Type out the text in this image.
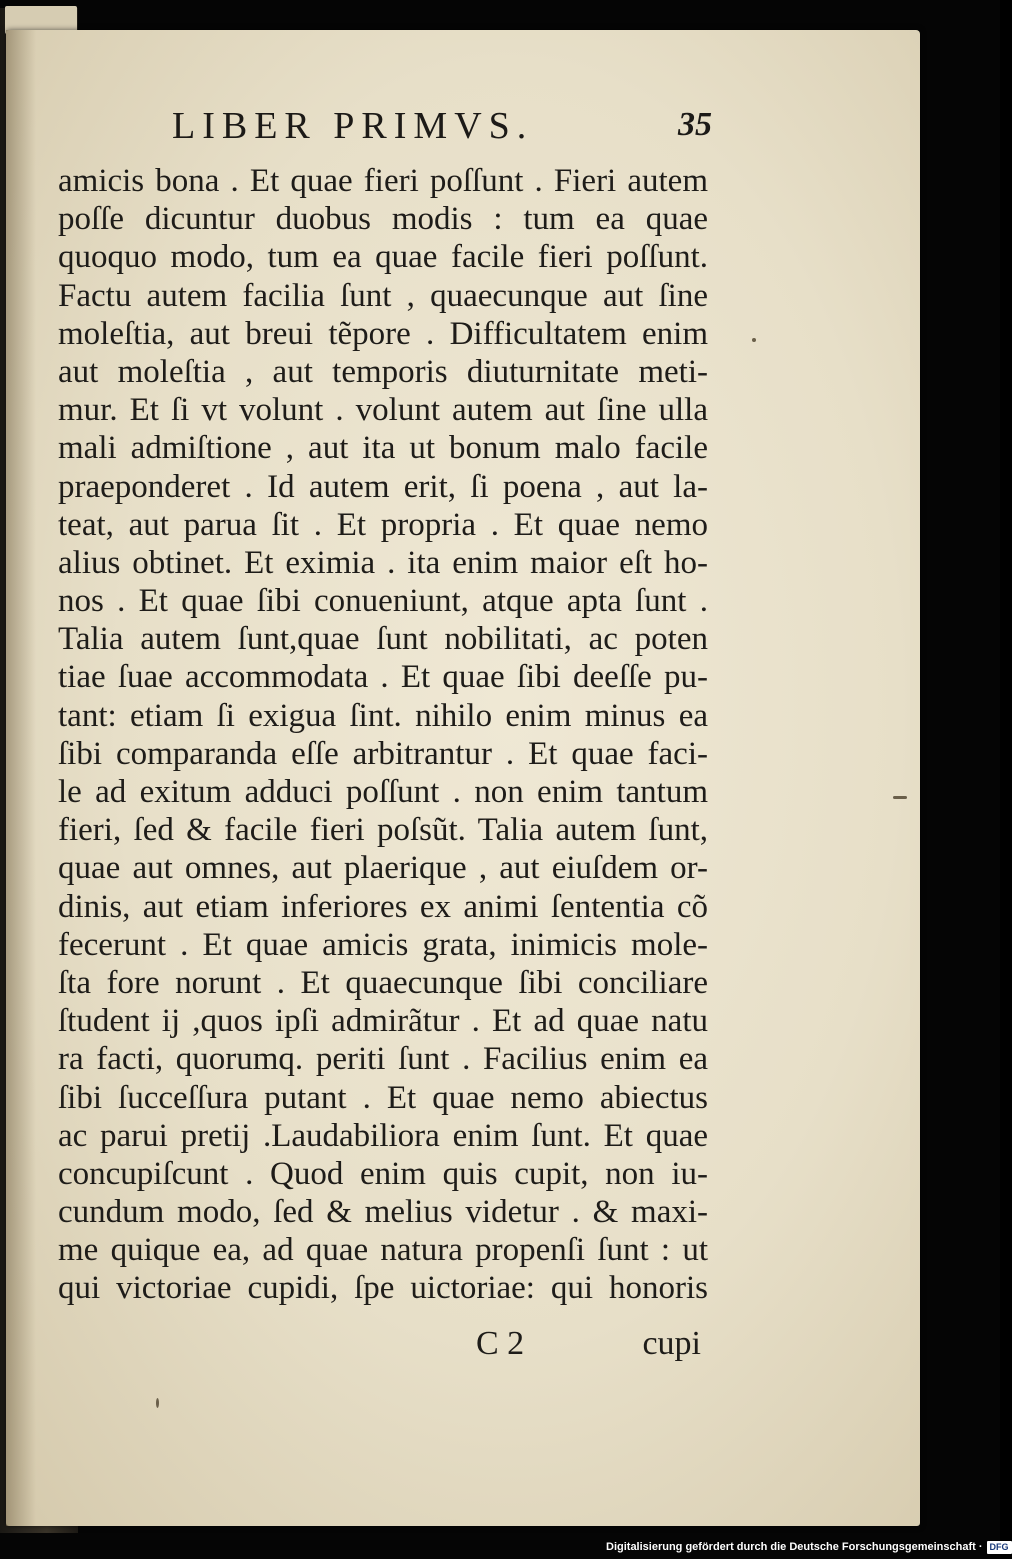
LIBER PRIMVS.	35
amicis bona . Et quae fieri poſſunt . Fieri autem
poſſe dicuntur duobus modis : tum ea quae
quoquo modo, tum ea quae facile fieri poſſunt.
Factu autem facilia ſunt , quaecunque aut ſine
moleſtia, aut breui tẽpore . Difficultatem enim
aut moleſtia , aut temporis diuturnitate meti-
mur. Et ſi vt volunt . volunt autem aut ſine ulla
mali admiſtione , aut ita ut bonum malo facile
praeponderet . Id autem erit, ſi poena , aut la-
teat, aut parua ſit . Et propria . Et quae nemo
alius obtinet. Et eximia . ita enim maior eſt ho-
nos . Et quae ſibi conueniunt, atque apta ſunt .
Talia autem ſunt,quae ſunt nobilitati, ac poten
tiae ſuae accommodata . Et quae ſibi deeſſe pu-
tant: etiam ſi exigua ſint. nihilo enim minus ea
ſibi comparanda eſſe arbitrantur . Et quae faci-
le ad exitum adduci poſſunt . non enim tantum
fieri, ſed & facile fieri poſsũt. Talia autem ſunt,
quae aut omnes, aut plaerique , aut eiuſdem or-
dinis, aut etiam inferiores ex animi ſententia cõ
fecerunt . Et quae amicis grata, inimicis mole-
ſta fore norunt . Et quaecunque ſibi conciliare
ſtudent ij ,quos ipſi admirãtur . Et ad quae natu
ra facti, quorumq. periti ſunt . Facilius enim ea
ſibi ſucceſſura putant . Et quae nemo abiectus
ac parui pretij .Laudabiliora enim ſunt. Et quae
concupiſcunt . Quod enim quis cupit, non iu-
cundum modo, ſed & melius videtur . & maxi-
me quique ea, ad quae natura propenſi ſunt : ut
qui victoriae cupidi, ſpe uictoriae: qui honoris
C 2	cupi
Digitalisierung gefördert durch die Deutsche Forschungsgemeinschaft · DFG
